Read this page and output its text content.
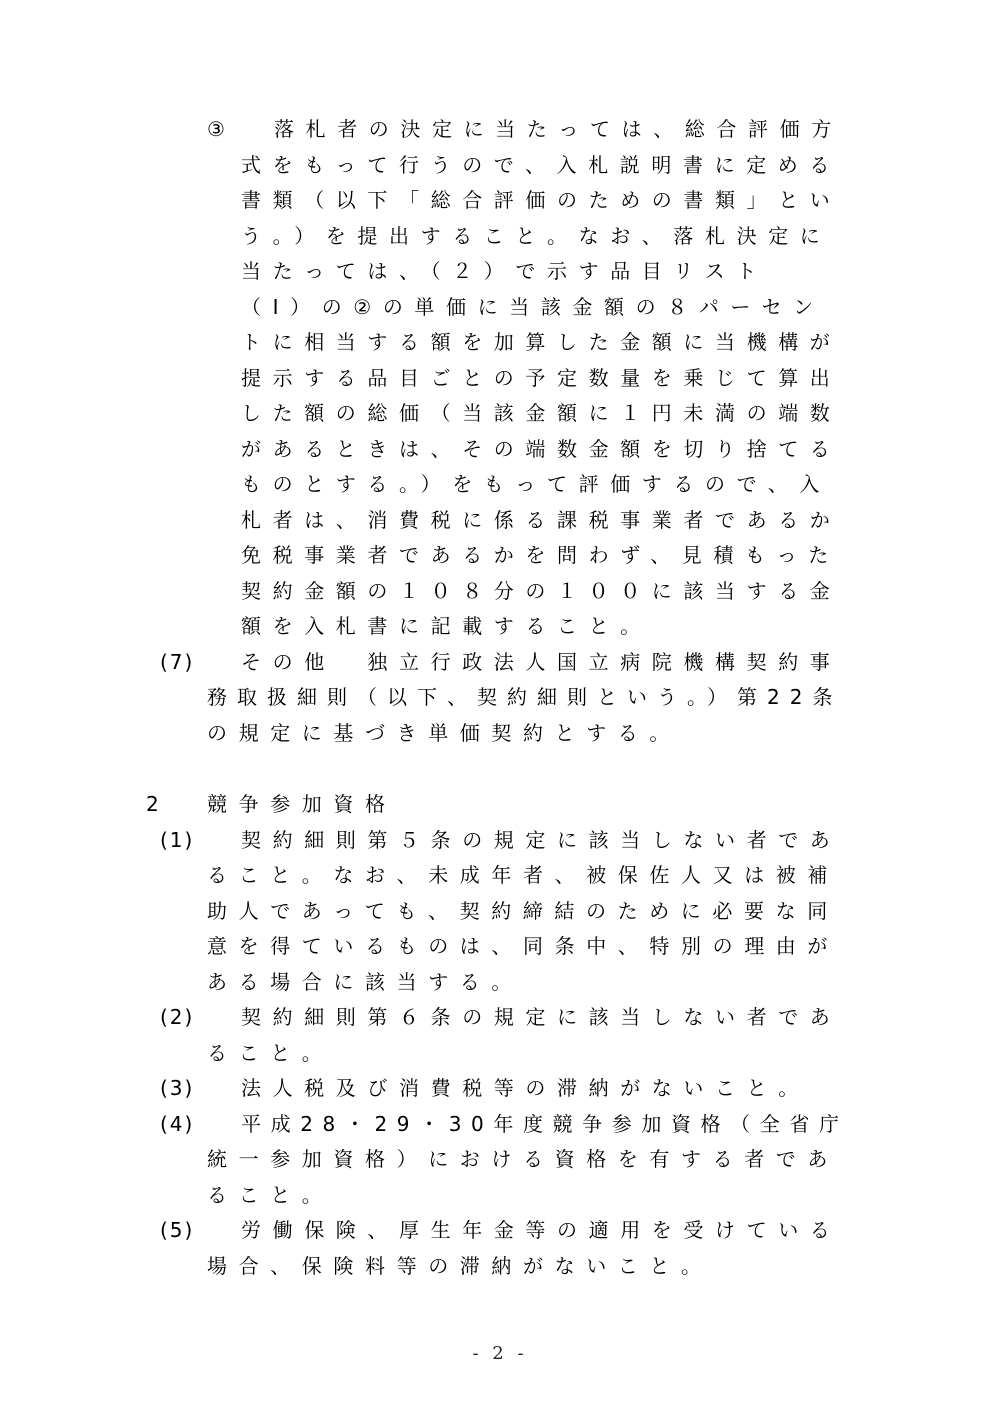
③ 落札者の決定に当たっては、総合評価方
式をもって行うので、入札説明書に定める
書類（以下「総合評価のための書類」とい
う。）を提出すること。なお、落札決定に
当たっては、（２）で示す品目リスト
（Ⅰ）の②の単価に当該金額の８パーセン
トに相当する額を加算した金額に当機構が
提示する品目ごとの予定数量を乗じて算出
した額の総価（当該金額に１円未満の端数
があるときは、その端数金額を切り捨てる
ものとする。）をもって評価するので、入
札者は、消費税に係る課税事業者であるか
免税事業者であるかを問わず、見積もった
契約金額の１０８分の１００に該当する金
額を入札書に記載すること。
(7) その他　独立行政法人国立病院機構契約事
務取扱細則（以下、契約細則という。）第22条
の規定に基づき単価契約とする。
2 競争参加資格
(1) 契約細則第５条の規定に該当しない者であ
ること。なお、未成年者、被保佐人又は被補
助人であっても、契約締結のために必要な同
意を得ているものは、同条中、特別の理由が
ある場合に該当する。
(2) 契約細則第６条の規定に該当しない者であ
ること。
(3) 法人税及び消費税等の滞納がないこと。
(4) 平成28・29・30年度競争参加資格（全省庁
統一参加資格）における資格を有する者であ
ること。
(5) 労働保険、厚生年金等の適用を受けている
場合、保険料等の滞納がないこと。
- 2 -
